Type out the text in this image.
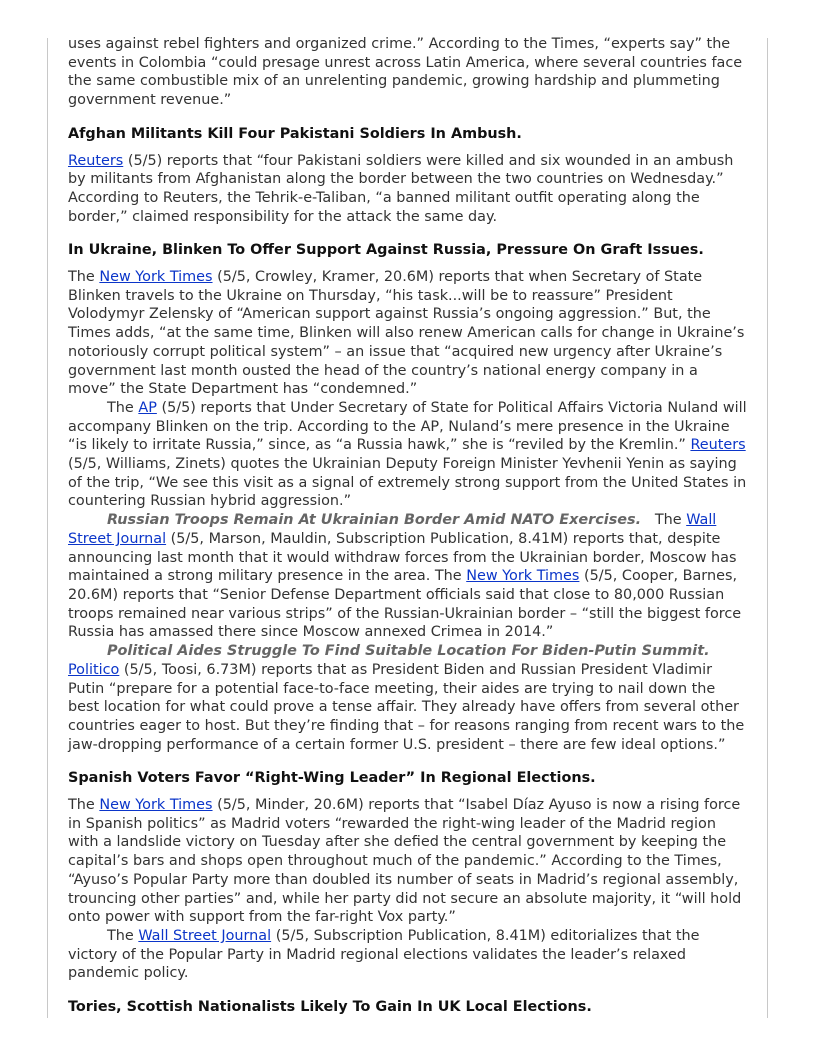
uses against rebel fighters and organized crime.” According to the Times, “experts say” the events in Colombia “could presage unrest across Latin America, where several countries face the same combustible mix of an unrelenting pandemic, growing hardship and plummeting government revenue.”

Afghan Militants Kill Four Pakistani Soldiers In Ambush.

Reuters (5/5) reports that “four Pakistani soldiers were killed and six wounded in an ambush by militants from Afghanistan along the border between the two countries on Wednesday.” According to Reuters, the Tehrik-e-Taliban, “a banned militant outfit operating along the border,” claimed responsibility for the attack the same day.

In Ukraine, Blinken To Offer Support Against Russia, Pressure On Graft Issues.

The New York Times (5/5, Crowley, Kramer, 20.6M) reports that when Secretary of State Blinken travels to the Ukraine on Thursday, “his task...will be to reassure” President Volodymyr Zelensky of “American support against Russia’s ongoing aggression.” But, the Times adds, “at the same time, Blinken will also renew American calls for change in Ukraine’s notoriously corrupt political system” – an issue that “acquired new urgency after Ukraine’s government last month ousted the head of the country’s national energy company in a move” the State Department has “condemned.”

The AP (5/5) reports that Under Secretary of State for Political Affairs Victoria Nuland will accompany Blinken on the trip. According to the AP, Nuland’s mere presence in the Ukraine “is likely to irritate Russia,” since, as “a Russia hawk,” she is “reviled by the Kremlin.” Reuters (5/5, Williams, Zinets) quotes the Ukrainian Deputy Foreign Minister Yevhenii Yenin as saying of the trip, “We see this visit as a signal of extremely strong support from the United States in countering Russian hybrid aggression.”

Russian Troops Remain At Ukrainian Border Amid NATO Exercises. The Wall Street Journal (5/5, Marson, Mauldin, Subscription Publication, 8.41M) reports that, despite announcing last month that it would withdraw forces from the Ukrainian border, Moscow has maintained a strong military presence in the area. The New York Times (5/5, Cooper, Barnes, 20.6M) reports that “Senior Defense Department officials said that close to 80,000 Russian troops remained near various strips” of the Russian-Ukrainian border – “still the biggest force Russia has amassed there since Moscow annexed Crimea in 2014.”

Political Aides Struggle To Find Suitable Location For Biden-Putin Summit.
Politico (5/5, Toosi, 6.73M) reports that as President Biden and Russian President Vladimir Putin “prepare for a potential face-to-face meeting, their aides are trying to nail down the best location for what could prove a tense affair. They already have offers from several other countries eager to host. But they’re finding that – for reasons ranging from recent wars to the jaw-dropping performance of a certain former U.S. president – there are few ideal options.”

Spanish Voters Favor “Right-Wing Leader” In Regional Elections.

The New York Times (5/5, Minder, 20.6M) reports that “Isabel Díaz Ayuso is now a rising force in Spanish politics” as Madrid voters “rewarded the right-wing leader of the Madrid region with a landslide victory on Tuesday after she defied the central government by keeping the capital’s bars and shops open throughout much of the pandemic.” According to the Times, “Ayuso’s Popular Party more than doubled its number of seats in Madrid’s regional assembly, trouncing other parties” and, while her party did not secure an absolute majority, it “will hold onto power with support from the far-right Vox party.”

The Wall Street Journal (5/5, Subscription Publication, 8.41M) editorializes that the victory of the Popular Party in Madrid regional elections validates the leader’s relaxed pandemic policy.

Tories, Scottish Nationalists Likely To Gain In UK Local Elections.
